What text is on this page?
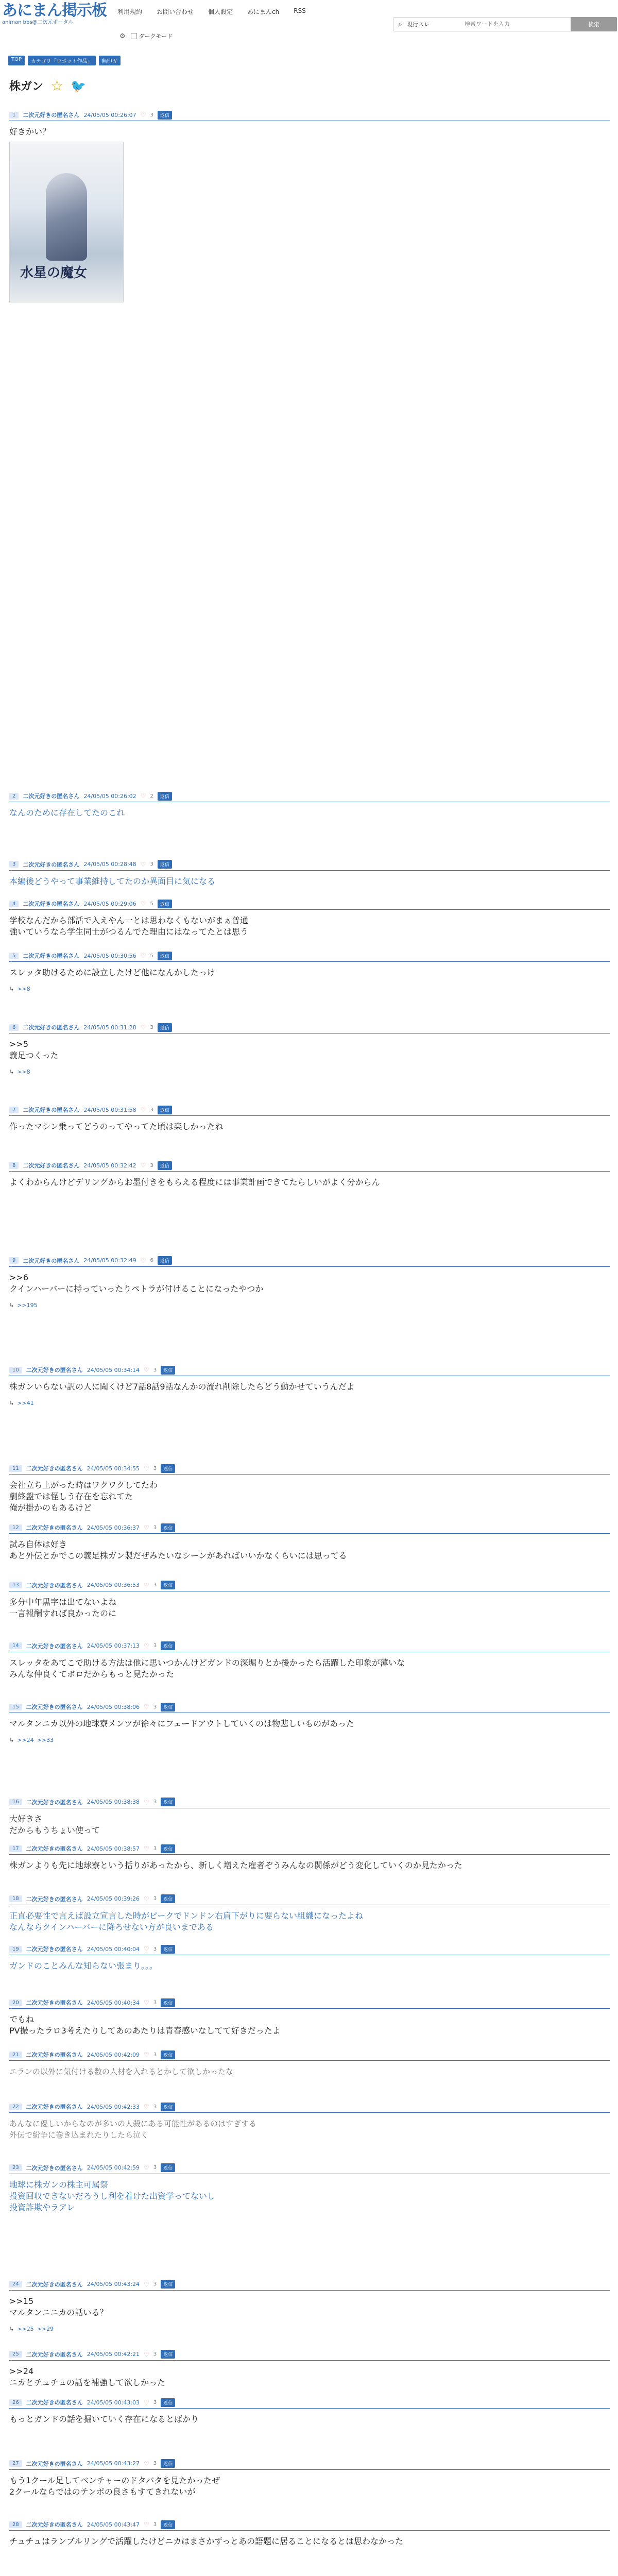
あにまん掲示板
animan bbs@二次元ポータル
利用規約 お問い合わせ 個人設定 あにまんch RSS
⚙ ダークモード
⌕ 現行スレ
検索ワードを入力	検索
TOP	カテゴリ「ロボット作品」	無印ガ
株ガン ☆ 🐦
1	二次元好きの匿名さん 24/05/05 00:26:07 ♡ 3	返信
好きかい？
水星の魔女
2	二次元好きの匿名さん 24/05/05 00:26:02 ♡ 2	返信
なんのために存在してたのこれ
3	二次元好きの匿名さん 24/05/05 00:28:48 ♡ 3	返信
本編後どうやって事業維持してたのか異面目に気になる
4	二次元好きの匿名さん 24/05/05 00:29:06 ♡ 5	返信
学校なんだから部活で入えやん一とは思わなくもないがまぁ普通
強いていうなら学生同士がつるんでた理由にはなってたとは思う
5	二次元好きの匿名さん 24/05/05 00:30:56 ♡ 5	返信
スレッタ助けるために設立したけど他になんかしたっけ
↳ >>8
6	二次元好きの匿名さん 24/05/05 00:31:28 ♡ 3	返信
>>5
義足つくった
↳ >>8
7	二次元好きの匿名さん 24/05/05 00:31:58 ♡ 3	返信
作ったマシン乗ってどうのってやってた頃は楽しかったね
8	二次元好きの匿名さん 24/05/05 00:32:42 ♡ 3	返信
よくわからんけどデリングからお墨付きをもらえる程度には事業計画できてたらしいがよく分からん
9	二次元好きの匿名さん 24/05/05 00:32:49 ♡ 6	返信
>>6
クインハーバーに持っていったりペトラが付けることになったやつか
↳ >>195
10	二次元好きの匿名さん 24/05/05 00:34:14 ♡ 3	返信
株ガンいらない訳の人に聞くけど7話8話9話なんかの流れ削除したらどう動かせていうんだよ
↳ >>41
11	二次元好きの匿名さん 24/05/05 00:34:55 ♡ 3	返信
会社立ち上がった時はワクワクしてたわ
劇終盤では怪しう存在を忘れてた
俺が掛かのもあるけど
12	二次元好きの匿名さん 24/05/05 00:36:37 ♡ 3	返信
試み自体は好き
あと外伝とかでこの義足株ガン製だぜみたいなシーンがあればいいかなくらいには思ってる
13	二次元好きの匿名さん 24/05/05 00:36:53 ♡ 3	返信
多分中年黒字は出てないよね
一言報酬すれば良かったのに
14	二次元好きの匿名さん 24/05/05 00:37:13 ♡ 3	返信
スレッタをあてこで助ける方法は他に思いつかんけどガンドの深堀りとか後かったら活躍した印象が薄いな
みんな仲良くてボロだからもっと見たかった
15	二次元好きの匿名さん 24/05/05 00:38:06 ♡ 3	返信
マルタンニカ以外の地球寮メンツが徐々にフェードアウトしていくのは物悲しいものがあった
↳ >>24 >>33
16	二次元好きの匿名さん 24/05/05 00:38:38 ♡ 3	返信
大好きさ
だからもうちょい使って
17	二次元好きの匿名さん 24/05/05 00:38:57 ♡ 3	返信
株ガンよりも先に地球寮という括りがあったから、新しく増えた雇者ぞうみんなの関係がどう変化していくのか見たかった
18	二次元好きの匿名さん 24/05/05 00:39:26 ♡ 3	返信
正直必要性で言えば設立宣言した時がピークでドンドン右肩下がりに要らない組織になったよね
なんならクインハーバーに降ろせない方が良いまである
19	二次元好きの匿名さん 24/05/05 00:40:04 ♡ 3	返信
ガンドのことみんな知らない張まり。。。
20	二次元好きの匿名さん 24/05/05 00:40:34 ♡ 3	返信
でもね
PV撮ったラロ3考えたりしてあのあたりは青春感いなしてて好きだったよ
21	二次元好きの匿名さん 24/05/05 00:42:09 ♡ 3	返信
エランの以外に気付ける数の人材を入れるとかして欲しかったな
22	二次元好きの匿名さん 24/05/05 00:42:33 ♡ 3	返信
あんなに優しいからなのが多いの人殺にある可能性があるのはすぎする
外伝で紛争に巻き込まれたりしたら泣く
23	二次元好きの匿名さん 24/05/05 00:42:59 ♡ 3	返信
地球に株ガンの株主可属祭
投資回収できないだろうし利を着けた出資学ってないし
投資詐欺やラアレ
24	二次元好きの匿名さん 24/05/05 00:43:24 ♡ 3	返信
>>15
マルタンニニカの話いる？
↳ >>25 >>29
25	二次元好きの匿名さん 24/05/05 00:42:21 ♡ 3	返信
>>24
ニカとチュチュの話を補強して欲しかった
26	二次元好きの匿名さん 24/05/05 00:43:03 ♡ 3	返信
もっとガンドの話を掘いていく存在になるとばかり
27	二次元好きの匿名さん 24/05/05 00:43:27 ♡ 3	返信
もう1クール足してベンチャーのドタバタを見たかったぜ
2クールならではのテンポの良さもすてきれないが
28	二次元好きの匿名さん 24/05/05 00:43:47 ♡ 3	返信
チュチュはランブルリングで活躍したけどニカはまさかずっとあの語題に居ることになるとは思わなかった
